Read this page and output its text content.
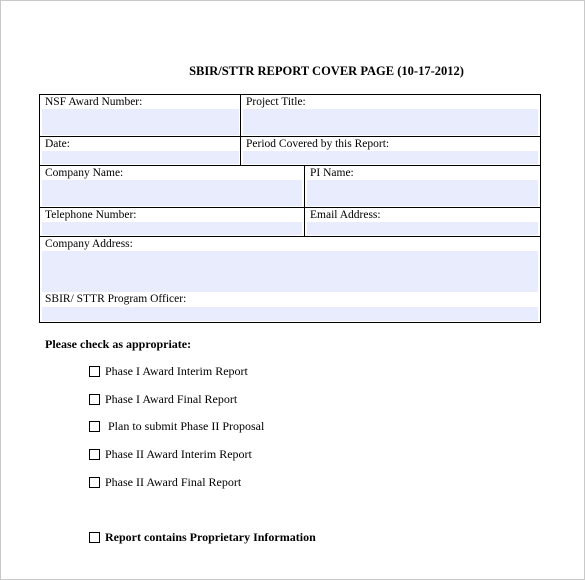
SBIR/STTR REPORT COVER PAGE (10-17-2012)
NSF Award Number:	Project Title:
Date:	Period Covered by this Report:
Company Name:	PI Name:
Telephone Number:	Email Address:
Company Address:
SBIR/ STTR Program Officer:
Please check as appropriate:
Phase I Award Interim Report
Phase I Award Final Report
Plan to submit Phase II Proposal
Phase II Award Interim Report
Phase II Award Final Report
Report contains Proprietary Information
